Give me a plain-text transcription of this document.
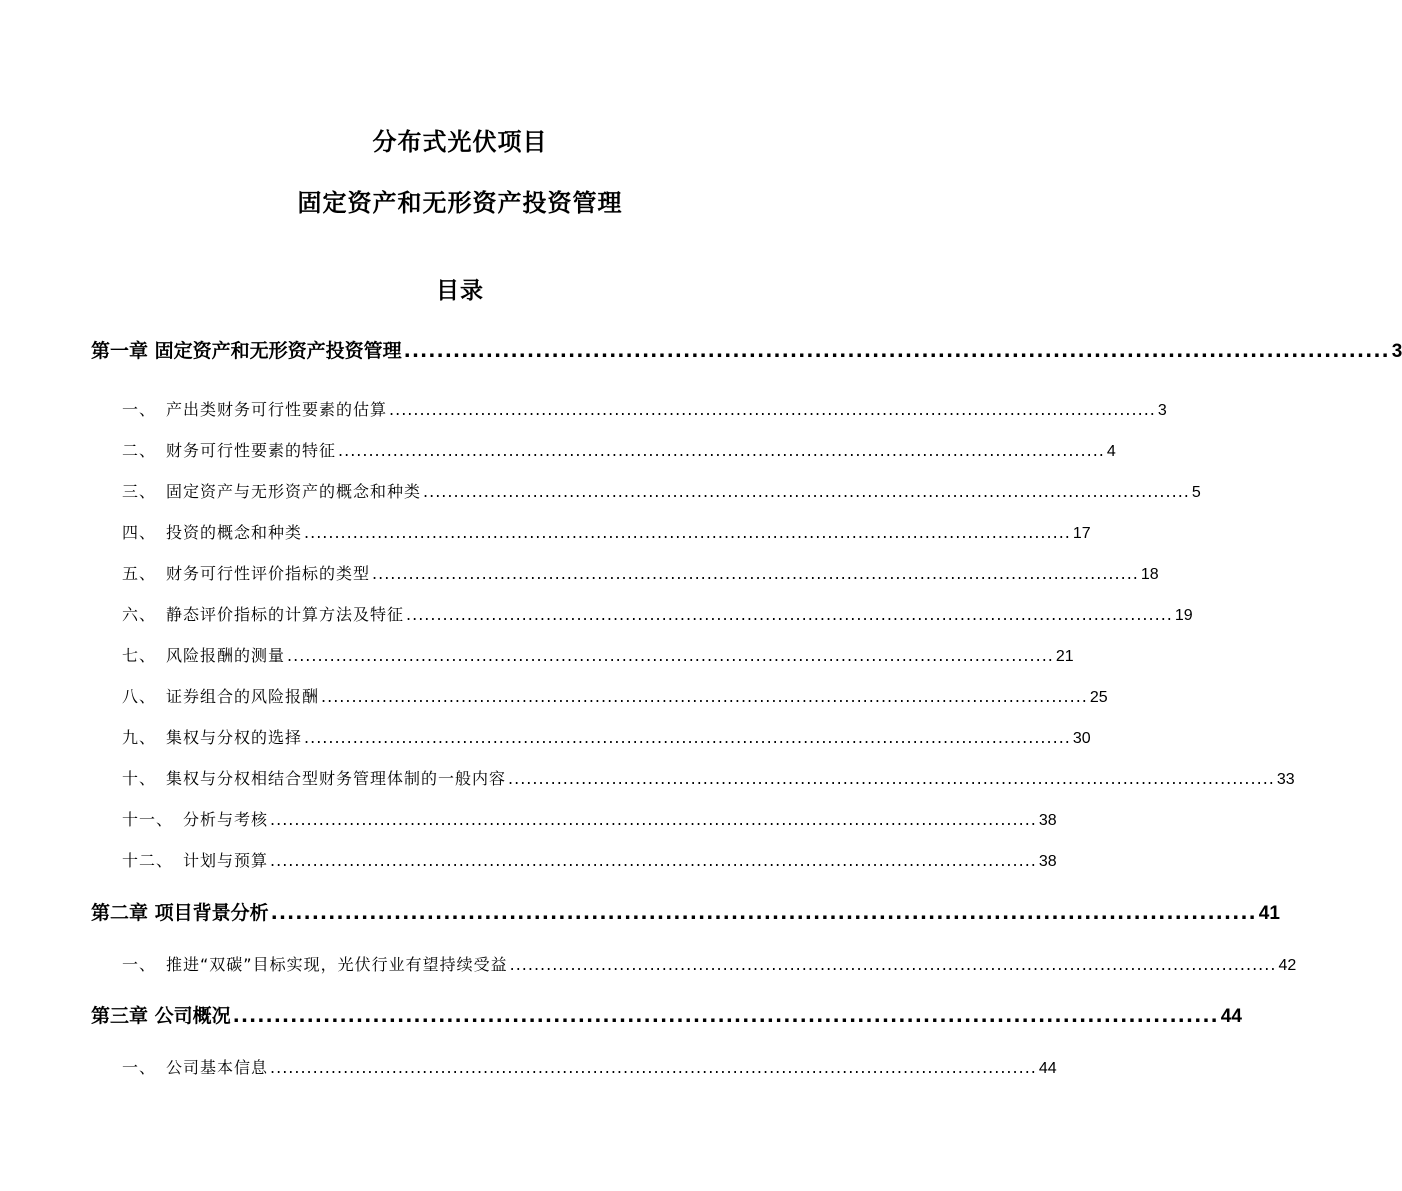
分布式光伏项目
固定资产和无形资产投资管理
目录
第一章 固定资产和无形资产投资管理 ........................................................................................................................ 3
一、 产出类财务可行性要素的估算 .............................................................................................................................. 3
二、 财务可行性要素的特征 .............................................................................................................................. 4
三、 固定资产与无形资产的概念和种类 .............................................................................................................................. 5
四、 投资的概念和种类 .............................................................................................................................. 17
五、 财务可行性评价指标的类型 .............................................................................................................................. 18
六、 静态评价指标的计算方法及特征 .............................................................................................................................. 19
七、 风险报酬的测量 .............................................................................................................................. 21
八、 证券组合的风险报酬 .............................................................................................................................. 25
九、 集权与分权的选择 .............................................................................................................................. 30
十、 集权与分权相结合型财务管理体制的一般内容 .............................................................................................................................. 33
十一、 分析与考核 .............................................................................................................................. 38
十二、 计划与预算 .............................................................................................................................. 38
第二章 项目背景分析 ........................................................................................................................ 41
一、 推进“双碳”目标实现，光伏行业有望持续受益 .............................................................................................................................. 42
第三章 公司概况 ........................................................................................................................ 44
一、 公司基本信息 .............................................................................................................................. 44
